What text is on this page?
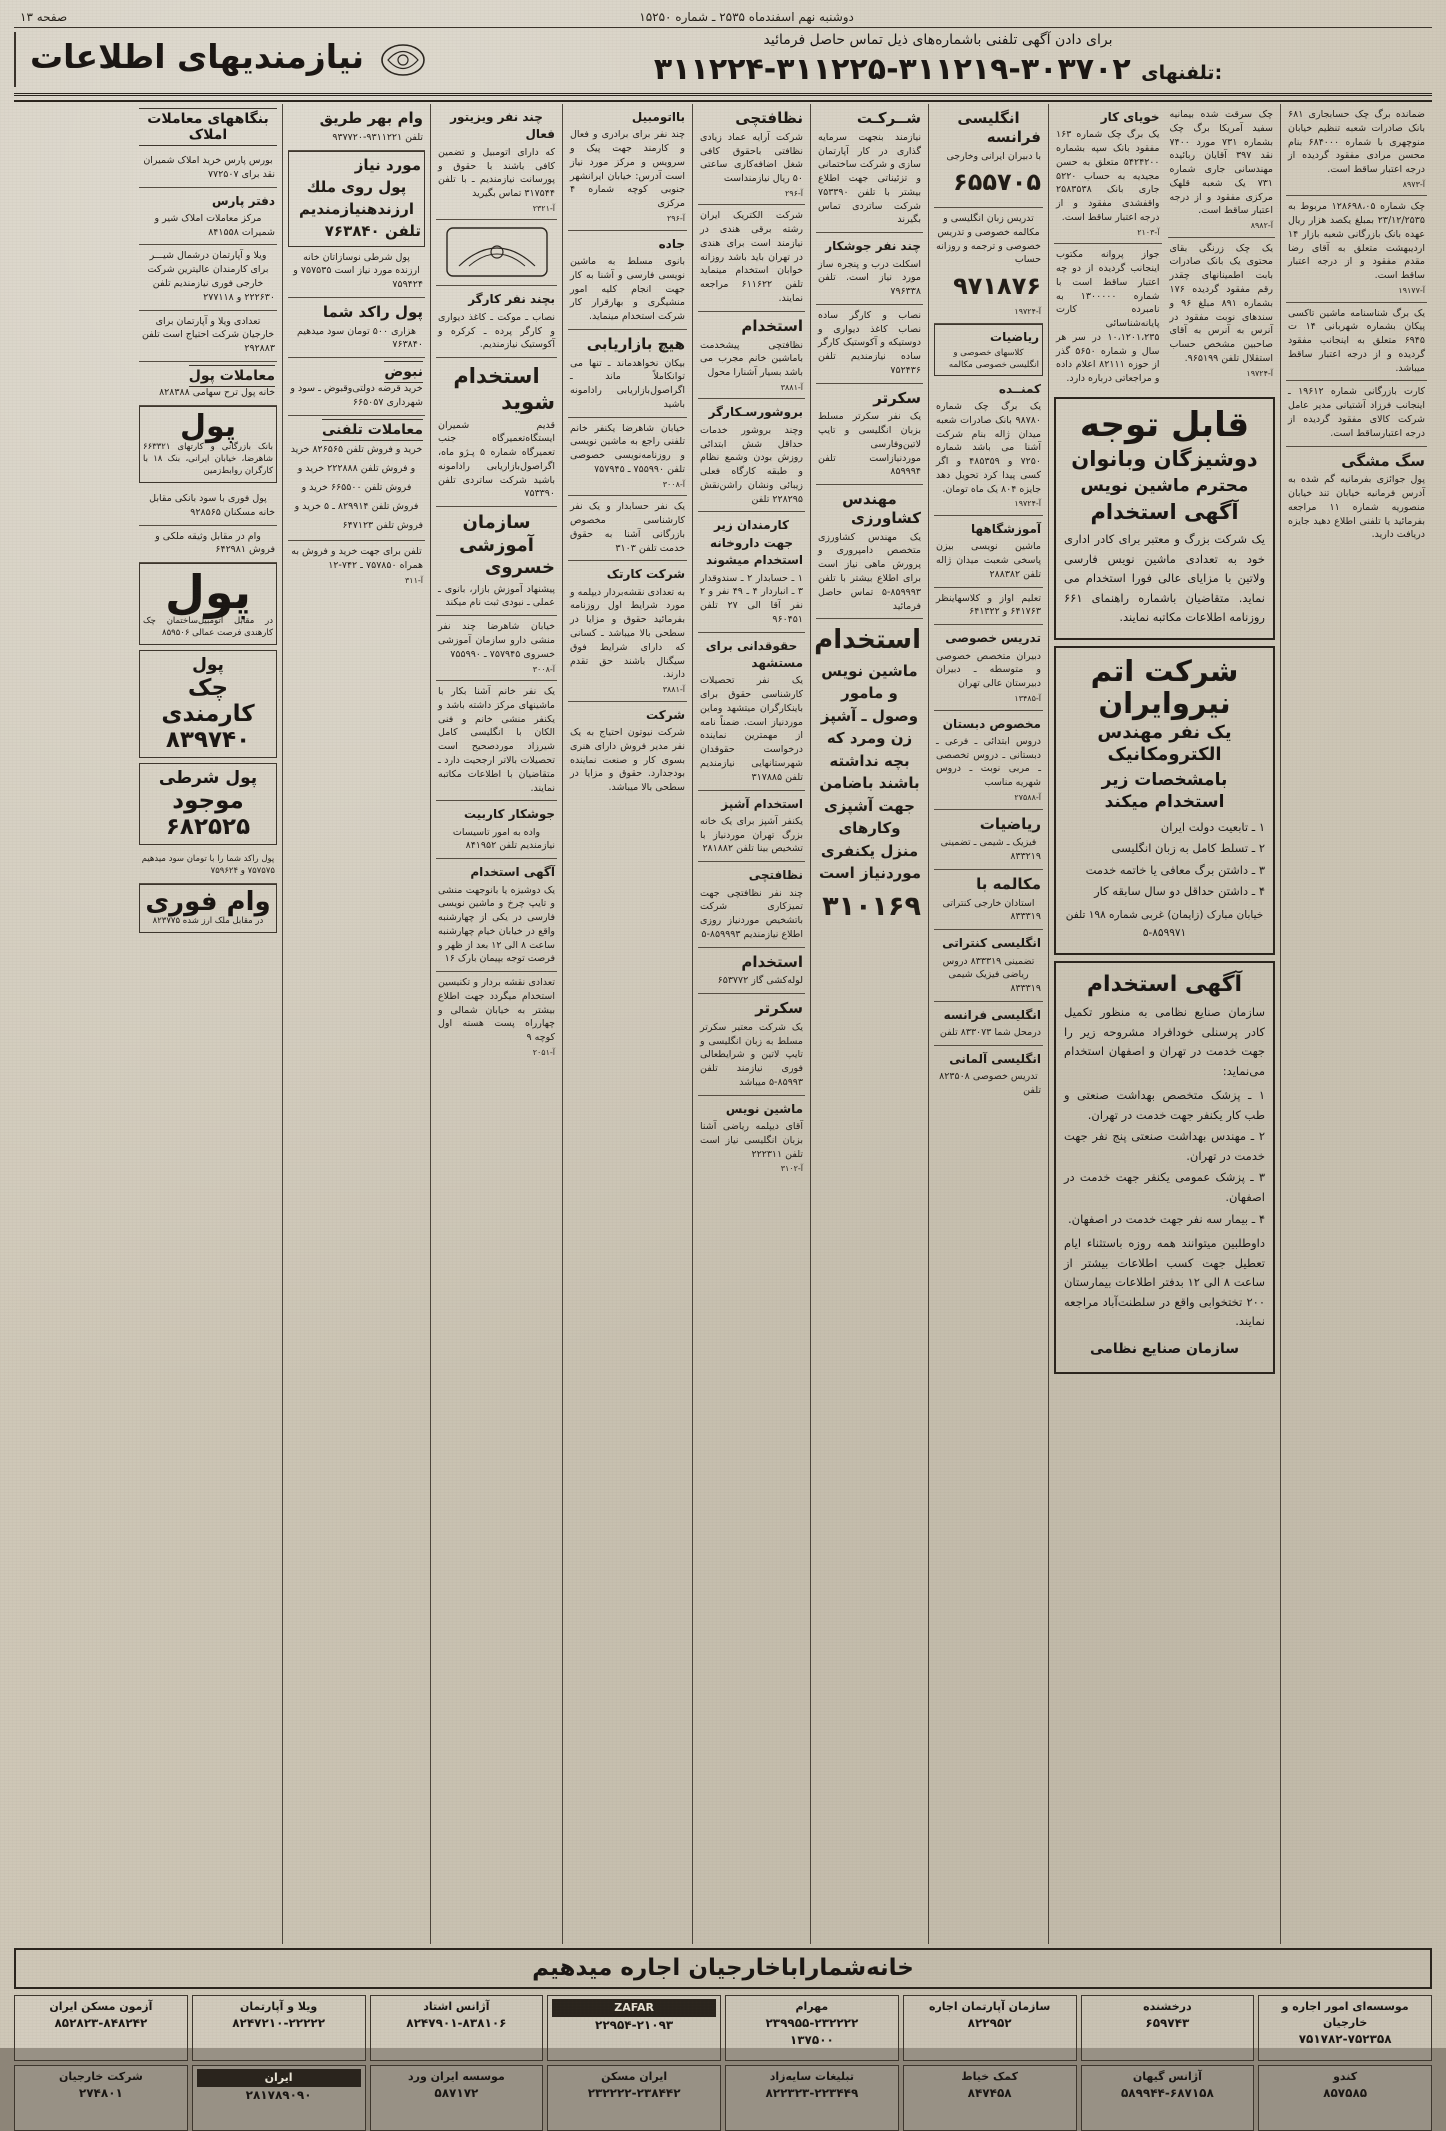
صفحه ۱۳	دوشنبه نهم اسفندماه ۲۵۳۵ ـ شماره ۱۵۲۵۰
نیازمندیهای اطلاعات	برای دادن آگهی تلفنی باشماره‌های ذیل تماس حاصل فرمائید
۳۱۱۲۲۴-۳۱۱۲۲۵-۳۱۱۲۱۹-۳۰۳۷۰۲ تلفنهای:
ضمانده برگ چک حسابجاری ۶۸۱ بانک صادرات شعبه تنظیم خیابان منوچهری با شماره ۶۸۴۰۰۰ بنام محسن مرادی مفقود گردیده از درجه اعتبار ساقط است.
آ-۸۹۷۳
چک شماره ۱۲۸۶۹۸،۰۵ مربوط به ۲۳/۱۲/۲۵۳۵ بمبلغ یکصد هزار ریال عهده بانک بازرگانی شعبه بازار ۱۴ اردیبهشت متعلق به آقای رضا مقدم مفقود و از درجه اعتبار ساقط است.
آ-۱۹۱۷۷
یک برگ شناسنامه ماشین تاکسی پیکان بشماره شهربانی ۱۴ ت ۶۹۴۵ متعلق به اینجانب مفقود گردیده و از درجه اعتبار ساقط میباشد.
کارت بازرگانی شماره ۱۹۶۱۲ ـ اینجانب فرزاد آشتیانی مدیر عامل شرکت کالای مفقود گردیده از درجه اعتبارساقط است.
سگ مشگی
پول جوائزی بفرمانیه گم شده به آدرس فرمانیه خیابان تند خیابان منصوریه شماره ۱۱ مراجعه بفرمائید یا تلفنی اطلاع دهید جایزه دریافت دارید.
چک سرقت شده بیمانیه سفید آمریکا برگ چک بشماره ۷۳۱ مورد ۷۴۰۰ نقد ۳۹۷ آقایان ربائیده مهندسانی جاری شماره ۷۳۱ یک شعبه قلهک مرکزی مفقود و از درجه اعتبار ساقط است.
آ-۸۹۸۲
یک چک زرنگی بقای محتوی یک بانک صادرات بابت اطمینانهای چقدر رقم مفقود گردیده ۱۷۶ بشماره ۸۹۱ مبلغ ۹۶ و سندهای نوبت مفقود در آنرس به آنرس به آقای صاحبین مشخص حساب استقلال تلفن ۹۶۵۱۹۹.
آ-۱۹۷۲۴
خویای کار
یک برگ چک شماره ۱۶۳ مفقود بانک سپه بشماره ۵۴۲۴۲۰۰ متعلق به حسن مجیدیه به حساب ۵۲۲۰ جاری بانک ۲۵۸۳۵۳۸ واقفشدی مفقود و از درجه اعتبار ساقط است.
آ-۲۱۰۳
جواز پروانه مکتوب اینجانب گردیده از دو چه اعتبار ساقط است با شماره ۱۳۰۰۰۰۰ به نامبرده کارت پایانه‌شناسائی ۱۰،۱۲۰۱،۲۳۵ در سر هر سال و شماره ۵۶۵۰ گذر از حوزه ۸۲۱۱۱ اعلام داده و مراجعاتی درباره دارد.
قابل توجه
دوشیزگان وبانوان
محترم ماشین نویس
آگهی استخدام
یک شرکت بزرگ و معتبر برای کادر اداری خود به تعدادی ماشین نویس فارسی ولاتین با مزایای عالی فورا استخدام می نماید. متقاضیان باشماره راهنمای ۶۶۱ روزنامه اطلاعات مکاتبه نمایند.
شرکت اتم نیروایران
یک نفر مهندس الکترومکانیک
بامشخصات زیر استخدام میکند
۱ ـ تابعیت دولت ایران
۲ ـ تسلط کامل به زبان انگلیسی
۳ ـ داشتن برگ معافی یا خاتمه خدمت
۴ ـ داشتن حداقل دو سال سابقه کار
خیابان مبارک (زایمان) غربی شماره ۱۹۸ تلفن ۸۵۹۹۷۱-۵
آگهی استخدام
سازمان صنایع نظامی به منظور تکمیل کادر پرسنلی خودافراد مشروحه زیر را جهت خدمت در تهران و اصفهان استخدام می‌نماید:
۱ ـ پزشک متخصص بهداشت صنعتی و طب کار یکنفر جهت خدمت در تهران.
۲ ـ مهندس بهداشت صنعتی پنج نفر جهت خدمت در تهران.
۳ ـ پزشک عمومی یکنفر جهت خدمت در اصفهان.
۴ ـ بیمار سه نفر جهت خدمت در اصفهان.
داوطلبین میتوانند همه روزه باستثناء ایام تعطیل جهت کسب اطلاعات بیشتر از ساعت ۸ الی ۱۲ بدفتر اطلاعات بیمارستان ۲۰۰ تختخوابی واقع در سلطنت‌آباد مراجعه نمایند.
سازمان صنایع نظامی
انگلیسی فرانسه
با دبیران ایرانی وخارجی
۶۵۵۷۰۵
تدریس زبان انگلیسی و مکالمه خصوصی و تدریس خصوصی و ترجمه و روزانه حساب
۹۷۱۸۷۶
آ-۱۹۷۲۴
ریاضیات
کلاسهای خصوصی و انگلیسی خصوصی مکالمه
کمنــده
یک برگ چک شماره ۹۸۷۸۰ بانک صادرات شعبه میدان ژاله بنام شرکت آشنا می باشد شماره ۷۲۵۰ و ۴۸۵۳۵۹ و اگر کسی پیدا کرد تحویل دهد جایزه ۸۰۴ یک ماه تومان.
آ-۱۹۷۲۴
آموزشگاهها
ماشین نویسی بیزن پاسخی شعبت میدان ژاله تلفن ۲۸۸۳۸۲
تعلیم اواز و کلاسهاینظر ۶۴۱۷۶۳ و ۶۴۱۳۲۲
تدریس خصوصی
دبیران متخصص خصوصی و متوسطه ـ دبیران دبیرستان عالی تهران
آ-۱۳۴۸۵
مخصوص دبستان
دروس ابتدائی ـ فرعی ـ دبستانی ـ دروس تخصصی ـ مربی نوبت ـ دروس شهریه مناسب
آ-۲۷۵۸۸
ریاضیات
فیزیک ـ شیمی ـ تضمینی ۸۳۳۲۱۹
مکالمه با
استادان خارجی کنتراتی ۸۳۳۳۱۹
انگلیسی کنتراتی
تضمینی ۸۳۳۳۱۹ دروس ریاضی فیزیک شیمی ۸۳۳۳۱۹
انگلیسی فرانسه
درمحل شما ۸۳۳۰۷۳ تلفن
انگلیسی آلمانی
تدریس خصوصی ۸۲۳۵۰۸ تلفن
شــرکـت
نیازمند بنجهت سرمایه گذاری در کار آپارتمان سازی و شرکت ساختمانی و تزئیناتی جهت اطلاع بیشتر با تلفن ۷۵۳۳۹۰ شرکت ساتردی تماس بگیرند
چند نفر جوشکار
اسکلت درب و پنجره ساز مورد نیاز است. تلفن ۷۹۶۳۳۸
نصاب و کارگر ساده نصاب کاغذ دیواری و دوستیکه و آکوستیک کارگر ساده نیازمندیم تلفن ۷۵۲۴۳۶
سکرتر
یک نفر سکرتر مسلط بزبان انگلیسی و تایپ لاتین‌وفارسی موردنیازاست تلفن ۸۵۹۹۹۴
مهندس کشاورزی
یک مهندس کشاورزی متخصص دامپروری و پرورش ماهی نیاز است برای اطلاع بیشتر با تلفن ۸۵۹۹۹۳-۵ تماس حاصل فرمائید
استخدام
ماشین نویس و مامور وصول ـ آشپز زن ومرد که بچه نداشته باشند باضامن جهت آشپزی وکارهای منزل یکنفری موردنیاز است
۳۱۰۱۶۹
نظافتچی
شرکت آرایه عماد زیادی نظافتی باحقوق کافی شغل اضافه‌کاری ساعتی ۵۰ ریال نیازمنداست
آ-۲۹۶
شرکت الکتریک ایران رشته برقی هندی در نیازمند است برای هندی در تهران باید باشد روزانه خوابان استخدام مینماید تلفن ۶۱۱۶۲۲ مراجعه نمایند.
استخدام
نظافتچی پیشخدمت باماشین خانم مجرب می باشد بسیار آشنارا محول
آ-۳۸۸۱
بروشورسـکارگر
وچند بروشور خدمات حداقل شش ابتدائی روزش بودن وشمع نظام و طبقه کارگاه فعلی زیبائی ونشان راشن‌نقش ۲۲۸۲۹۵ تلفن
کارمندان زیر جهت داروخانه استخدام میشوند
۱ ـ حسابدار ۲ ـ سندوقدار ۳ ـ انباردار ۴ ـ ۴۹ نفر و ۲ نفر آقا الی ۲۷ تلفن ۹۶۰۴۵۱
حقوقدانی برای مستشهد
یک نفر تحصیلات کارشناسی حقوق برای باینکارگران میتشهد وماین موردنیاز است. ضمناً نامه از مهمترین نماینده درخواست حقوقدان شهرستانهایی نیازمندیم تلفن ۳۱۷۸۸۵
استخدام آشپز
یکنفر آشپز برای یک خانه بزرگ تهران موردنیاز با تشخیص بینا تلفن ۲۸۱۸۸۲
نظافتچی
چند نفر نظافتچی جهت تمیزکاری شرکت باتشخیص موردنیاز روزی اطلاع نیازمندیم ۸۵۹۹۹۳-۵
استخدام
لوله‌کشی گاز ۶۵۳۷۷۲
سکرتر
یک شرکت معتبر سکرتر مسلط به زبان انگلیسی و تایپ لاتین و شرایطعالی فوری نیازمند تلفن ۸۵۹۹۳-۵ میباشد
ماشین نویس
آقای دیپلمه ریاضی آشنا بزبان انگلیسی نیاز است تلفن ۲۲۲۳۱۱
آ-۳۱۰۲
بااتومبیل
چند نفر برای برادری و فعال و کارمند جهت پیک و سرویس و مرکز مورد نیاز است آدرس: خیابان ایرانشهر جنوبی کوچه شماره ۴ مرکزی
آ-۲۹۶
جاده
بانوی مسلط به ماشین نویسی فارسی و آشنا به کار جهت انجام کلیه امور منشیگری و بهارقرار کار شرکت استخدام مینماید.
هیچ بازاریابی
بیکان نخواهدماند ـ تنها می توانکاملاً ماند ـ اگراصول‌بازاریابی رادامونه باشید
خیابان شاهرضا یکنفر خانم تلفنی راجع به ماشین نویسی و روزنامه‌نویسی خصوصی تلفن ۷۵۵۹۹۰ ـ ۷۵۷۹۴۵
آ-۳۰۰۸
یک نفر حسابدار و یک نفر کارشناسی مخصوص بازرگانی آشنا به حقوق خدمت تلفن ۳۱۰۳
شرکت کارتک
به تعدادی نقشه‌بردار دیپلمه و مورد شرایط اول روزنامه بفرمائید حقوق و مزایا در سطحی بالا میباشد ـ کسانی که دارای شرایط فوق سیگنال باشند حق تقدم دارند.
آ-۳۸۸۱
شرکت
شرکت نیوتون احتیاج به یک نفر مدیر فروش دارای هنری بسوی کار و صنعت نماینده بودجدارد. حقوق و مزایا در سطحی بالا میباشد.
چند نفر ویزیتور فعال
که دارای اتومبیل و تضمین کافی باشند با حقوق و پورسانت نیازمندیم ـ با تلفن ۳۱۷۵۴۴ تماس بگیرید
آ-۲۳۲۱
بچند نفر کارگر
نصاب ـ موکت ـ کاغذ دیواری و کارگر پرده ـ کرکره و آکوستیک نیازمندیم.
استخدام شوید
قدیم شمیران ایستگاه‌تعمیرگاه جنب تعمیرگاه شماره ۵ پـژو ماه، اگراصول‌بازاریابی رادامونه باشید شرکت ساتردی تلفن ۷۵۳۳۹۰
سازمان آموزشی خسروی
پیشنهاد آموزش بازار، بانوی ـ عملی ـ نبودی ثبت نام میکند
خیابان شاهرضا چند نفر منشی دارو سازمان آموزشی خسروی ۷۵۷۹۴۵ ـ ۷۵۵۹۹۰
آ-۳۰۰۸
یک نفر خانم آشنا بکار با ماشینهای مرکز داشته باشد و یکنفر منشی خانم و فنی الکان با انگلیسی کامل شیرزاد موردصحیح است تحصیلات بالاتر ارجحیت دارد ـ متقاضیان با اطلاعات مکاتبه نمایند.
جوشکار کاربیت
واده به امور تاسیسات نیازمندیم تلفن ۸۴۱۹۵۲
آگهی استخدام
یک دوشیزه یا بانوجهت منشی و تایپ چرخ و ماشین نویسی فارسی در یکی از چهارشنبه واقع در خیابان خیام چهارشنبه ساعت ۸ الی ۱۲ بعد از ظهر و فرصت توجه بپیمان بارک ۱۶
تعدادی نقشه بردار و تکنیسین استخدام میگردد جهت اطلاع بیشتر به خیابان شمالی و چهارراه پست هسته اول کوچه ۹
آ-۲۰۵۱
وام بهر طریق
تلفن ۹۳۱۱۲۲۱-۹۳۷۷۲۰
مورد نیاز
پول روی ملك ارزندهنیازمندیم تلفن ۷۶۳۸۴۰
پول شرطی نوسازاتان خانه ارزنده مورد نیاز است ۷۵۷۵۳۵ و ۷۵۹۴۲۴
پول راکد شما
هزاری ۵۰۰ تومان سود میدهیم ۷۶۳۸۴۰
نبوض
خرید قرضه دولتی‌وقبوض ـ سود و شهرداری ۶۶۵۰۵۷
معاملات تلفنی
خرید و فروش تلفن ۸۲۶۵۶۵ خرید و فروش تلفن ۲۲۲۸۸۸ خرید و فروش تلفن ۶۶۵۵۰۰ خرید و فروش تلفن ۸۲۹۹۱۴ ـ ۵ خرید و فروش تلفن ۶۴۷۱۲۳
تلفن برای جهت خرید و فروش به همراه ۷۵۷۸۵۰ ـ ۷۴۲-۱۲
آ-۳۱۱
بنگاههای معاملات املاک
بورس پارس خرید املاک شمیران نقد برای ۷۷۲۵۰۷
دفتر پارس
مرکز معاملات املاک شیر و شمیرات ۸۴۱۵۵۸
ویلا و آپارتمان درشمال شیـــر برای کارمندان عالیترین شرکت خارجی فوری نیازمندیم تلفن ۲۲۲۶۳۰ و ۲۷۷۱۱۸
تعدادی ویلا و آپارتمان برای خارجیان شرکت احتیاج است تلفن ۲۹۲۸۸۳
معاملات پول
خانه پول ترح سهامی ۸۲۸۳۸۸
پول
بانک بازرگانی و کارتهای ۶۶۳۳۲۱ شاهرضا، خیابان ایرانی، بنک ۱۸ با کارگران روابط‌زمین
پول فوری با سود بانکی مقابل خانه مسکنان ۹۲۸۵۶۵
وام در مقابل وثیقه ملکی و فروش ۶۴۲۹۸۱
پول
در مقابل اتومبیل‌ساختمان چک کارهندی فرصت عمالی ۸۵۹۵۰۶
پول
چک کارمندی ۸۳۹۷۴۰
پول شرطی
موجود ۶۸۲۵۲۵
پول راکد شما را با تومان سود میدهیم ۷۵۷۵۷۵ و ۷۵۹۶۲۴
وام فوری
در مقابل ملک ارز شده ۸۲۳۷۷۵
خانه‌شماراباخارجیان اجاره میدهیم
موسسه‌ای امور اجاره و خارجیان
۷۵۱۷۸۲-۷۵۲۳۵۸
درخشنده
۶۵۹۷۴۳
سازمان آپارتمان اجاره
۸۲۲۹۵۲
مهرام
۲۳۹۹۵۵-۲۳۲۲۲۲
۱۳۷۵۰۰
ZAFAR
۲۲۹۵۴-۲۱۰۹۳
آژانس اشتاد
۸۲۴۷۹۰۱-۸۳۸۱۰۶
ویلا و آپارتمان
۸۲۴۷۲۱۰-۲۲۲۲۲
آزمون مسکن ایران
۸۵۲۸۲۳-۸۴۸۲۴۲
کندو
۸۵۷۵۸۵
آژانس گیهان
۵۸۹۹۴۴-۶۸۷۱۵۸
کمک خیاط
۸۴۷۴۵۸
تبلیغات سایه‌زاد
۸۲۲۳۲۳-۲۲۳۴۴۹
ایران مسکن
۲۳۲۲۲۲-۲۳۸۴۴۲
موسسه ایران ورد
۵۸۷۱۷۲
ایران
۲۸۱۷۸۹۰۹۰
شرکت خارجیان
۲۷۴۸۰۱
